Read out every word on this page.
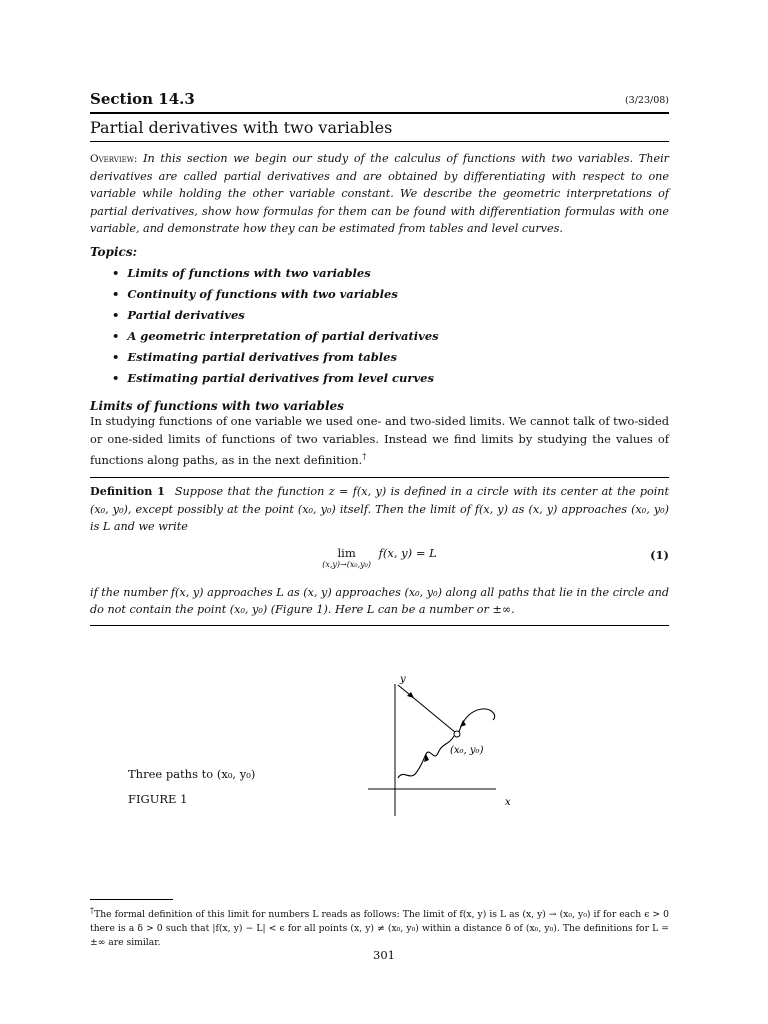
Section 14.3	(3/23/08)
Partial derivatives with two variables

Overview: In this section we begin our study of the calculus of functions with two variables. Their derivatives are called partial derivatives and are obtained by differentiating with respect to one variable while holding the other variable constant. We describe the geometric interpretations of partial derivatives, show how formulas for them can be found with differentiation formulas with one variable, and demonstrate how they can be estimated from tables and level curves.

Topics:
• Limits of functions with two variables
• Continuity of functions with two variables
• Partial derivatives
• A geometric interpretation of partial derivatives
• Estimating partial derivatives from tables
• Estimating partial derivatives from level curves
Limits of functions with two variables

In studying functions of one variable we used one- and two-sided limits. We cannot talk of two-sided or one-sided limits of functions of two variables. Instead we find limits by studying the values of functions along paths, as in the next definition.†

Definition 1 Suppose that the function z = f(x, y) is defined in a circle with its center at the point (x₀, y₀), except possibly at the point (x₀, y₀) itself. Then the limit of f(x, y) as (x, y) approaches (x₀, y₀) is L and we write

lim
(x,y)→(x₀,y₀)
f(x, y) = L	(1)

if the number f(x, y) approaches L as (x, y) approaches (x₀, y₀) along all paths that lie in the circle and do not contain the point (x₀, y₀) (Figure 1). Here L can be a number or ±∞.

Three paths to (x₀, y₀)
FIGURE 1
y
x
(x₀, y₀)
†The formal definition of this limit for numbers L reads as follows: The limit of f(x, y) is L as (x, y) → (x₀, y₀) if for each ϵ > 0 there is a δ > 0 such that |f(x, y) − L| < ϵ for all points (x, y) ≠ (x₀, y₀) within a distance δ of (x₀, y₀). The definitions for L = ±∞ are similar.
301
